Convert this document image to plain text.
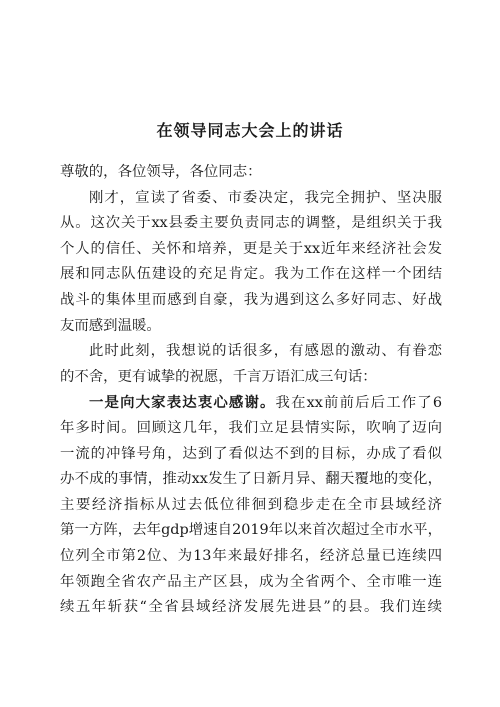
在领导同志大会上的讲话
尊敬的，各位领导，各位同志：
刚才，宣读了省委、市委决定，我完全拥护、坚决服
从。这次关于xx县委主要负责同志的调整，是组织关于我
个人的信任、关怀和培养，更是关于xx近年来经济社会发
展和同志队伍建设的充足肯定。我为工作在这样一个团结
战斗的集体里而感到自豪，我为遇到这么多好同志、好战
友而感到温暖。
此时此刻，我想说的话很多，有感恩的激动、有眷恋
的不舍，更有诚挚的祝愿，千言万语汇成三句话：
一是向大家表达衷心感谢。我在xx前前后后工作了6
年多时间。回顾这几年，我们立足县情实际，吹响了迈向
一流的冲锋号角，达到了看似达不到的目标，办成了看似
办不成的事情，推动xx发生了日新月异、翻天覆地的变化，
主要经济指标从过去低位徘徊到稳步走在全市县域经济
第一方阵，去年gdp增速自2019年以来首次超过全市水平，
位列全市第2位、为13年来最好排名，经济总量已连续四
年领跑全省农产品主产区县，成为全省两个、全市唯一连
续五年斩获“全省县域经济发展先进县”的县。我们连续
